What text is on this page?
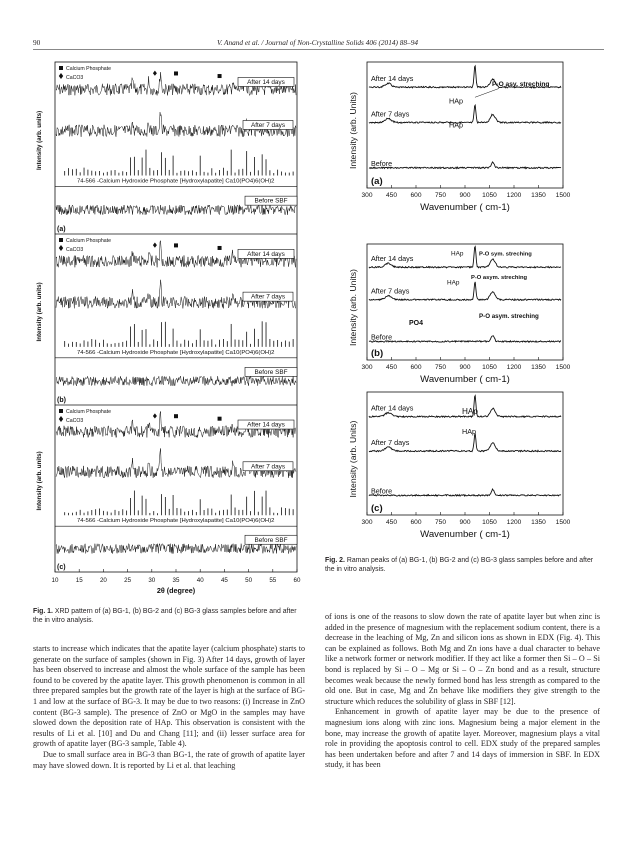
90	V. Anand et al. / Journal of Non-Crystalline Solids 406 (2014) 88–94
Calcium Phosphate
CaCO3
After 14 days
After 7 days
Before SBF
74-566 -Calcium Hydroxide Phosphate [Hydroxylapatite] Ca10(PO4)6(OH)2
(a)
Intensity (arb. units)
Calcium Phosphate
CaCO3
After 14 days
After 7 days
Before SBF
74-566 -Calcium Hydroxide Phosphate [Hydroxylapatite] Ca10(PO4)6(OH)2
(b)
Intensity (arb. units)
Calcium Phosphate
CaCO3
After 14 days
After 7 days
Before SBF
74-566 -Calcium Hydroxide Phosphate [Hydroxylapatite] Ca10(PO4)6(OH)2
(c)
Intensity (arb. units)
10	15	20	25	30	35	40	45	50	55	60
2θ (degree)
Fig. 1. XRD pattern of (a) BG-1, (b) BG-2 and (c) BG-3 glass samples before and after the in vitro analysis.
After 14 days
After 7 days
Before
HAp
HAp
P-O asy. streching
(a)
Intensity (arb. Units)
300 450 600 750 900 1050 1200 1350 1500
Wavenumber ( cm-1)
After 14 days
After 7 days
Before
HAp	P-O sym. streching
HAp
P-O asym. streching
PO4
P-O asym. streching
(b)
Intensity (arb. Units)
300 450 600 750 900 1050 1200 1350 1500
Wavenumber ( cm-1)
After 14 days
After 7 days
Before
HAp
HAp
(c)
Intensity (arb. Units)
300 450 600 750 900 1050 1200 1350 1500
Wavenumber ( cm-1)
Fig. 2. Raman peaks of (a) BG-1, (b) BG-2 and (c) BG-3 glass samples before and after the in vitro analysis.

starts to increase which indicates that the apatite layer (calcium phosphate) starts to generate on the surface of samples (shown in Fig. 3) After 14 days, growth of layer has been observed to increase and almost the whole surface of the sample has been found to be covered by the apatite layer. This growth phenomenon is common in all three prepared samples but the growth rate of the layer is high at the surface of BG-1 and low at the surface of BG-3. It may be due to two reasons: (i) Increase in ZnO content (BG-3 sample). The presence of ZnO or MgO in the samples may have slowed down the deposition rate of HAp. This observation is consistent with the results of Li et al. [10] and Du and Chang [11]; and (ii) lesser surface area for growth of apatite layer (BG-3 sample, Table 4).

Due to small surface area in BG-3 than BG-1, the rate of growth of apatite layer may have slowed down. It is reported by Li et al. that leaching

of ions is one of the reasons to slow down the rate of apatite layer but when zinc is added in the presence of magnesium with the replacement sodium content, there is a decrease in the leaching of Mg, Zn and silicon ions as shown in EDX (Fig. 4). This can be explained as follows. Both Mg and Zn ions have a dual character to behave like a network former or network modifier. If they act like a former then Si – O – Si bond is replaced by Si – O – Mg or Si – O – Zn bond and as a result, structure becomes weak because the newly formed bond has less strength as compared to the old one. But in case, Mg and Zn behave like modifiers they give strength to the structure which reduces the solubility of glass in SBF [12].

Enhancement in growth of apatite layer may be due to the presence of magnesium ions along with zinc ions. Magnesium being a major element in the bone, may increase the growth of apatite layer. Moreover, magnesium plays a vital role in providing the apoptosis control to cell. EDX study of the prepared samples has been undertaken before and after 7 and 14 days of immersion in SBF. In EDX study, it has been
